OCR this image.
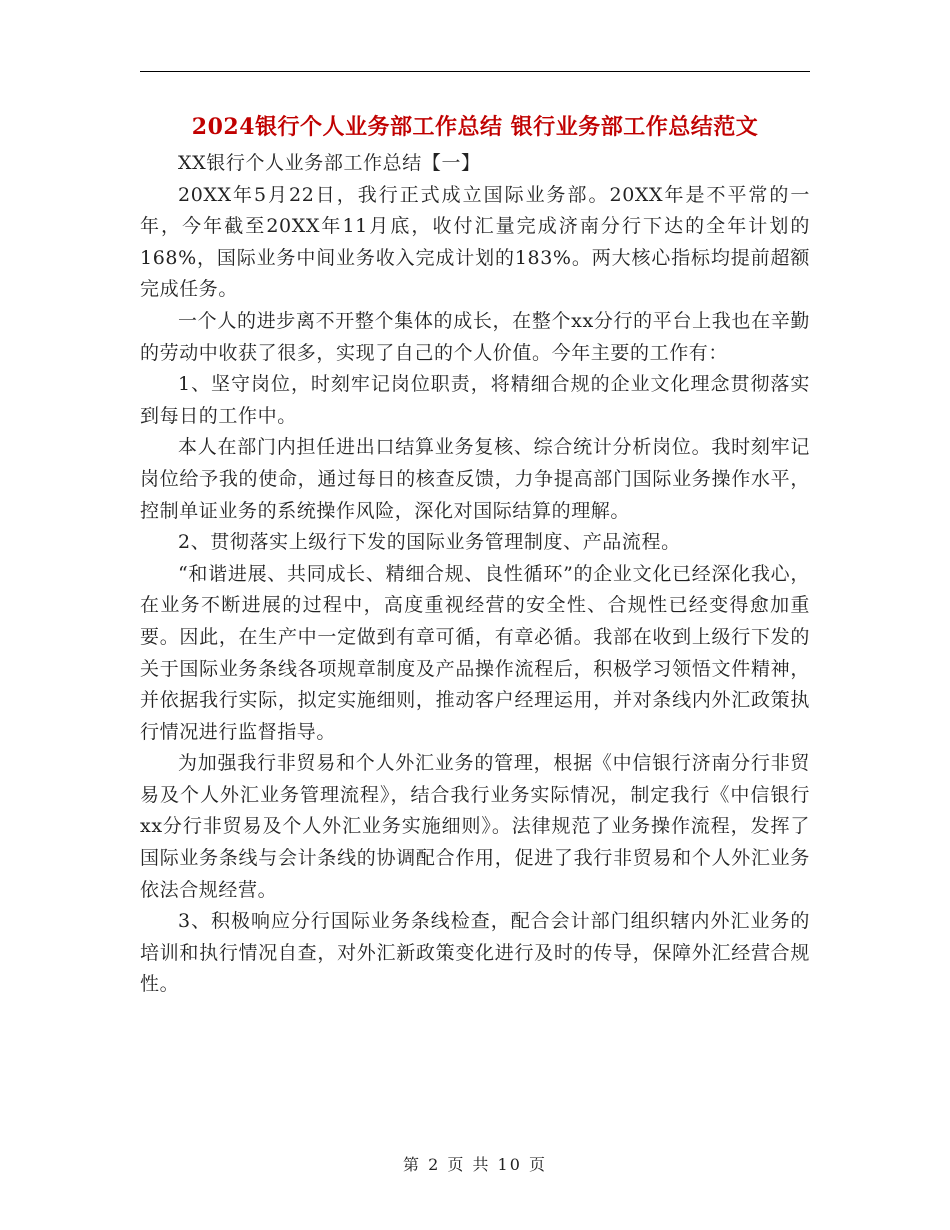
2024银行个人业务部工作总结 银行业务部工作总结范文

XX银行个人业务部工作总结【一】

20XX年5月22日，我行正式成立国际业务部。20XX年是不平常的一年，今年截至20XX年11月底，收付汇量完成济南分行下达的全年计划的168%，国际业务中间业务收入完成计划的183%。两大核心指标均提前超额完成任务。

一个人的进步离不开整个集体的成长，在整个xx分行的平台上我也在辛勤的劳动中收获了很多，实现了自己的个人价值。今年主要的工作有：

1、坚守岗位，时刻牢记岗位职责，将精细合规的企业文化理念贯彻落实到每日的工作中。

本人在部门内担任进出口结算业务复核、综合统计分析岗位。我时刻牢记岗位给予我的使命，通过每日的核查反馈，力争提高部门国际业务操作水平，控制单证业务的系统操作风险，深化对国际结算的理解。

2、贯彻落实上级行下发的国际业务管理制度、产品流程。

“和谐进展、共同成长、精细合规、良性循环”的企业文化已经深化我心，在业务不断进展的过程中，高度重视经营的安全性、合规性已经变得愈加重要。因此，在生产中一定做到有章可循，有章必循。我部在收到上级行下发的关于国际业务条线各项规章制度及产品操作流程后，积极学习领悟文件精神，并依据我行实际，拟定实施细则，推动客户经理运用，并对条线内外汇政策执行情况进行监督指导。

为加强我行非贸易和个人外汇业务的管理，根据《中信银行济南分行非贸易及个人外汇业务管理流程》，结合我行业务实际情况，制定我行《中信银行xx分行非贸易及个人外汇业务实施细则》。法律规范了业务操作流程，发挥了国际业务条线与会计条线的协调配合作用，促进了我行非贸易和个人外汇业务依法合规经营。

3、积极响应分行国际业务条线检查，配合会计部门组织辖内外汇业务的培训和执行情况自查，对外汇新政策变化进行及时的传导，保障外汇经营合规性。

第 2 页 共 10 页
